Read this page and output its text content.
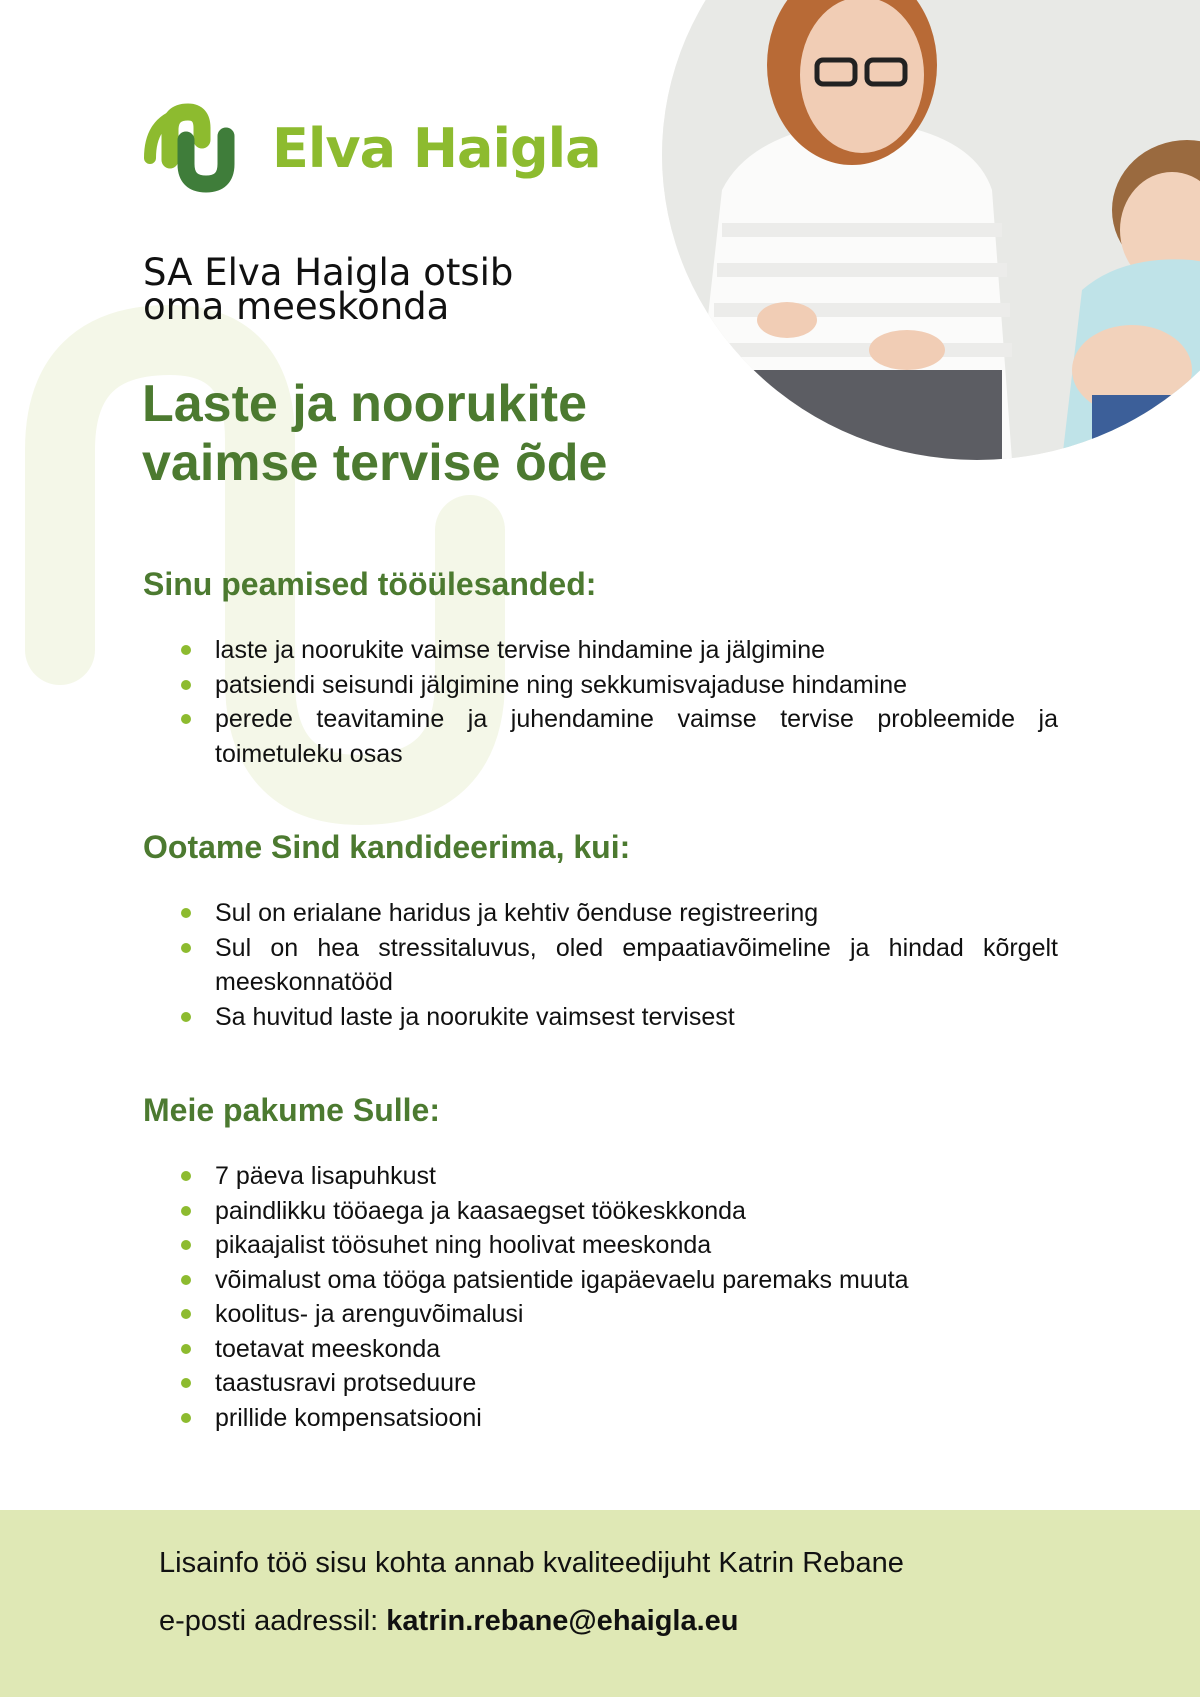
Elva Haigla
SA Elva Haigla otsib
oma meeskonda
Laste ja noorukite
vaimse tervise õde
Sinu peamised tööülesanded:
laste ja noorukite vaimse tervise hindamine ja jälgimine
patsiendi seisundi jälgimine ning sekkumisvajaduse hindamine
perede teavitamine ja juhendamine vaimse tervise probleemide ja toimetuleku osas
Ootame Sind kandideerima, kui:
Sul on erialane haridus ja kehtiv õenduse registreering
Sul on hea stressitaluvus, oled empaatiavõimeline ja hindad kõrgelt meeskonnatööd
Sa huvitud laste ja noorukite vaimsest tervisest
Meie pakume Sulle:
7 päeva lisapuhkust
paindlikku tööaega ja kaasaegset töökeskkonda
pikaajalist töösuhet ning hoolivat meeskonda
võimalust oma tööga patsientide igapäevaelu paremaks muuta
koolitus- ja arenguvõimalusi
toetavat meeskonda
taastusravi protseduure
prillide kompensatsiooni
Lisainfo töö sisu kohta annab kvaliteedijuht Katrin Rebane
e-posti aadressil: katrin.rebane@ehaigla.eu
